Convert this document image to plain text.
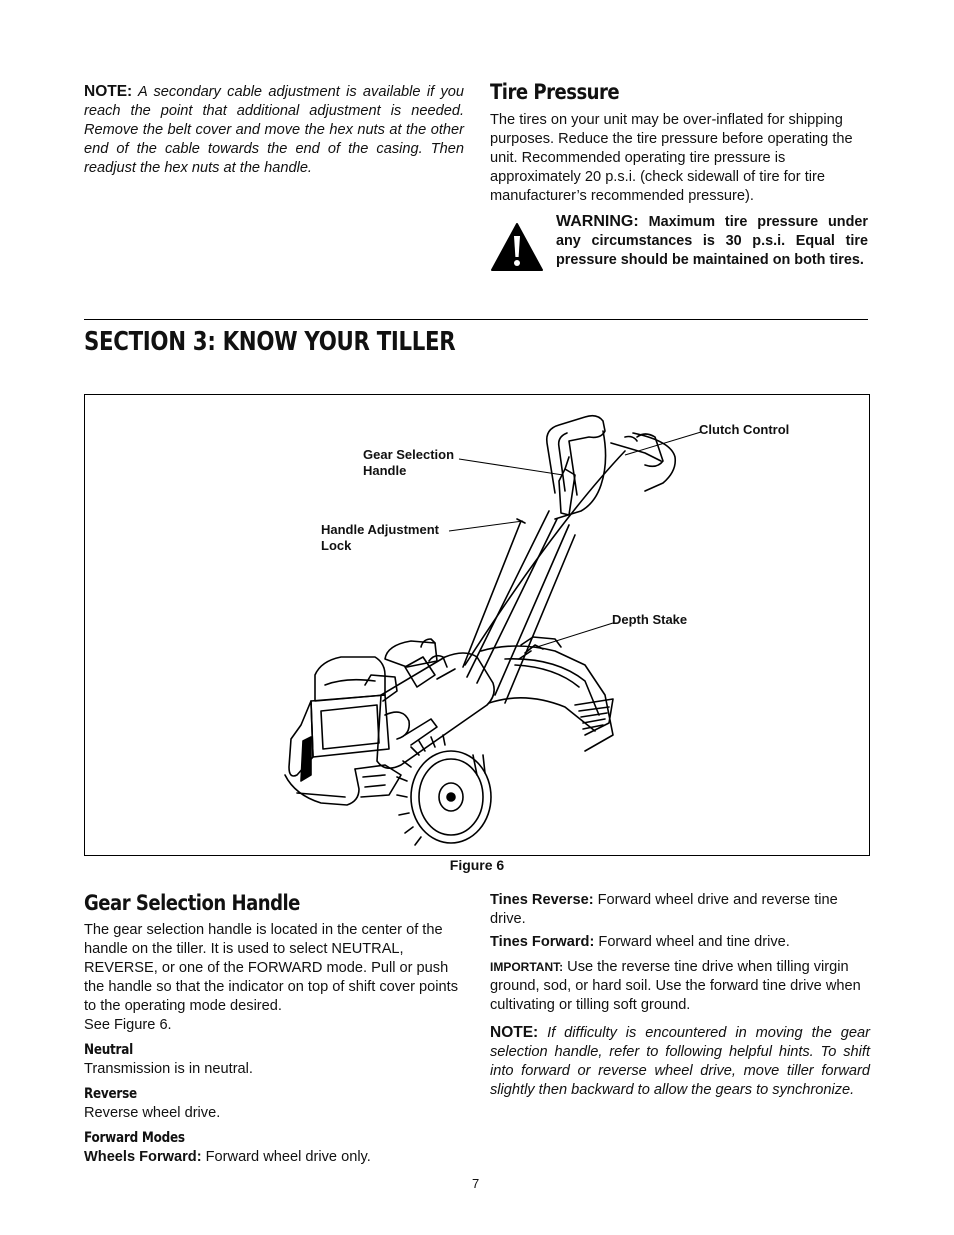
NOTE: A secondary cable adjustment is available if you reach the point that additional adjustment is needed. Remove the belt cover and move the hex nuts at the other end of the cable towards the end of the casing. Then readjust the hex nuts at the handle.
Tire Pressure
The tires on your unit may be over-inflated for shipping purposes. Reduce the tire pressure before operating the unit. Recommended operating tire pressure is approximately 20 p.s.i. (check sidewall of tire for tire manufacturer’s recommended pressure).
WARNING: Maximum tire pressure under any circumstances is 30 p.s.i. Equal tire pressure should be maintained on both tires.
SECTION 3: KNOW YOUR TILLER
Gear Selection
Handle
Handle Adjustment
Lock
Clutch Control
Depth Stake
Figure 6
Gear Selection Handle
The gear selection handle is located in the center of the handle on the tiller. It is used to select NEUTRAL, REVERSE, or one of the FORWARD mode. Pull or push the handle so that the indicator on top of shift cover points to the operating mode desired.
See Figure 6.
Neutral
Transmission is in neutral.
Reverse
Reverse wheel drive.
Forward Modes
Wheels Forward: Forward wheel drive only.
Tines Reverse: Forward wheel drive and reverse tine drive.
Tines Forward: Forward wheel and tine drive.
IMPORTANT: Use the reverse tine drive when tilling virgin ground, sod, or hard soil. Use the forward tine drive when cultivating or tilling soft ground.
NOTE: If difficulty is encountered in moving the gear selection handle, refer to following helpful hints. To shift into forward or reverse wheel drive, move tiller forward slightly then backward to allow the gears to synchronize.
7
